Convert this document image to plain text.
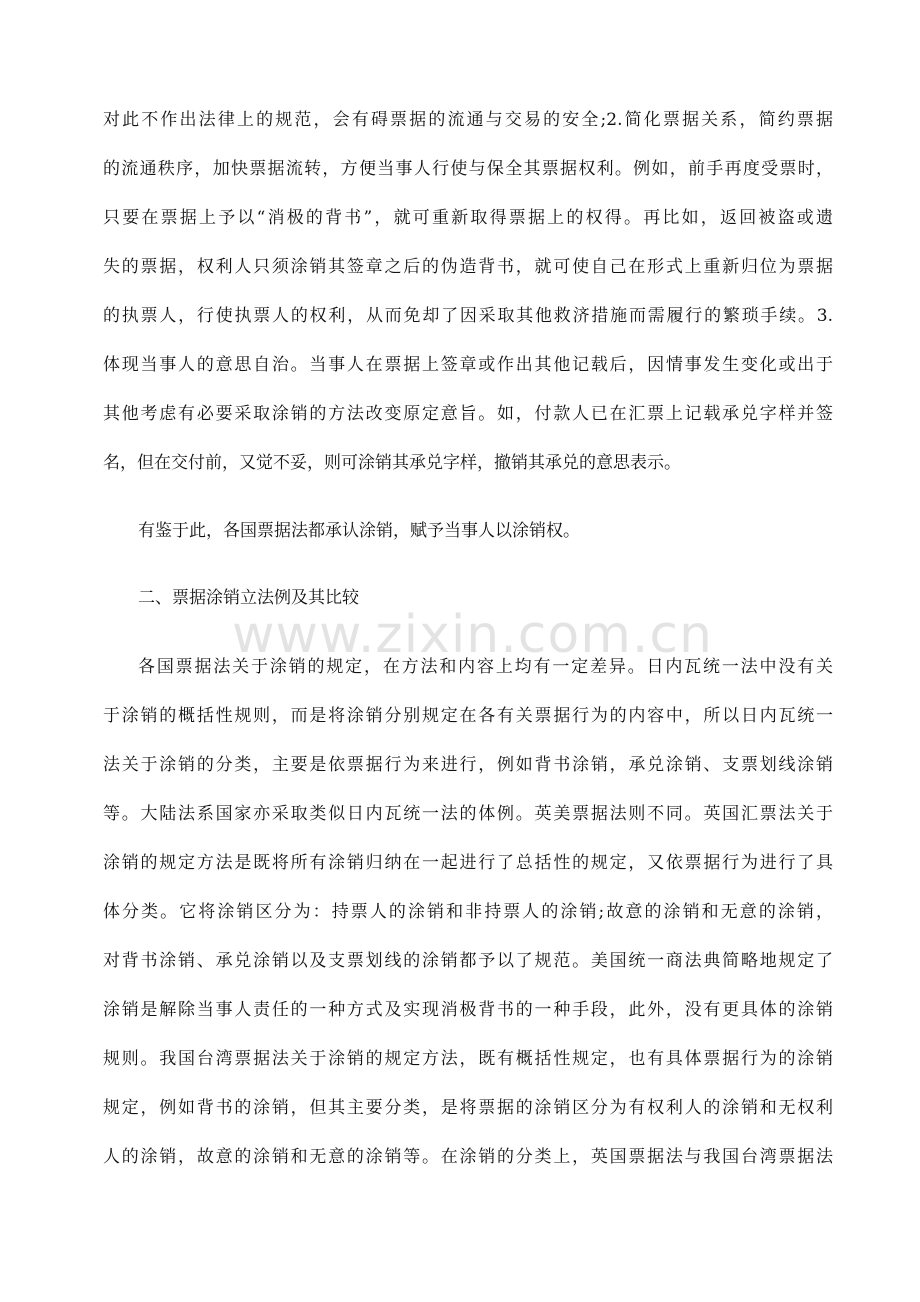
www.zixin.com.cn
对此不作出法律上的规范，会有碍票据的流通与交易的安全;2.简化票据关系，简约票据
的流通秩序，加快票据流转，方便当事人行使与保全其票据权利。例如，前手再度受票时，
只要在票据上予以“消极的背书”，就可重新取得票据上的权得。再比如，返回被盗或遗
失的票据，权利人只须涂销其签章之后的伪造背书，就可使自己在形式上重新归位为票据
的执票人，行使执票人的权利，从而免却了因采取其他救济措施而需履行的繁琐手续。3.
体现当事人的意思自治。当事人在票据上签章或作出其他记载后，因情事发生变化或出于
其他考虑有必要采取涂销的方法改变原定意旨。如，付款人已在汇票上记载承兑字样并签
名，但在交付前，又觉不妥，则可涂销其承兑字样，撤销其承兑的意思表示。
有鉴于此，各国票据法都承认涂销，赋予当事人以涂销权。
二、票据涂销立法例及其比较
各国票据法关于涂销的规定，在方法和内容上均有一定差异。日内瓦统一法中没有关
于涂销的概括性规则，而是将涂销分别规定在各有关票据行为的内容中，所以日内瓦统一
法关于涂销的分类，主要是依票据行为来进行，例如背书涂销，承兑涂销、支票划线涂销
等。大陆法系国家亦采取类似日内瓦统一法的体例。英美票据法则不同。英国汇票法关于
涂销的规定方法是既将所有涂销归纳在一起进行了总括性的规定，又依票据行为进行了具
体分类。它将涂销区分为：持票人的涂销和非持票人的涂销;故意的涂销和无意的涂销，
对背书涂销、承兑涂销以及支票划线的涂销都予以了规范。美国统一商法典简略地规定了
涂销是解除当事人责任的一种方式及实现消极背书的一种手段，此外，没有更具体的涂销
规则。我国台湾票据法关于涂销的规定方法，既有概括性规定，也有具体票据行为的涂销
规定，例如背书的涂销，但其主要分类，是将票据的涂销区分为有权利人的涂销和无权利
人的涂销，故意的涂销和无意的涂销等。在涂销的分类上，英国票据法与我国台湾票据法
